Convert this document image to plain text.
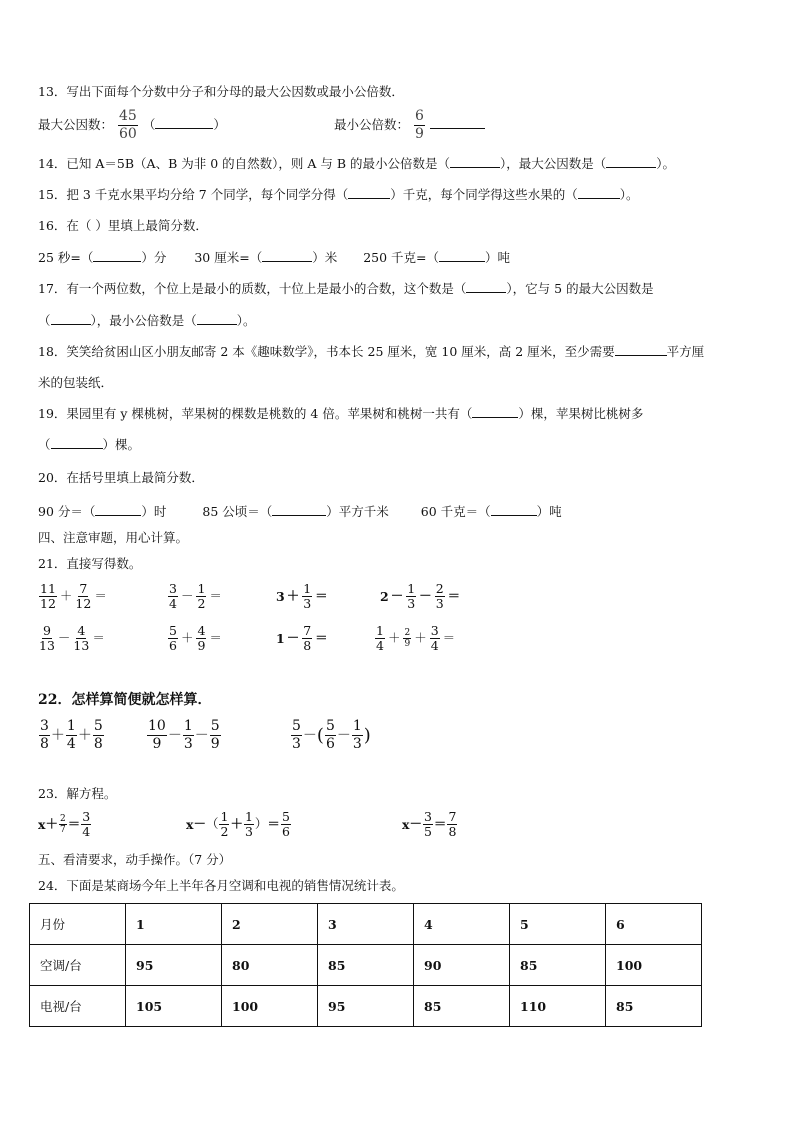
13．写出下面每个分数中分子和分母的最大公因数或最小公倍数．
最大公因数： $\frac{45}{60}$ （	）	最小公倍数： $\frac{6}{9}$

14．已知 A＝5B（A、B 为非 0 的自然数），则 A 与 B 的最小公倍数是（	），最大公因数是（	）。
15．把 3 千克水果平均分给 7 个同学，每个同学分得（	）千克，每个同学得这些水果的（	）。
16．在（ ）里填上最简分数．
25 秒=（	）分 30 厘米=（	）米 250 千克=（	）吨
17．有一个两位数，个位上是最小的质数，十位上是最小的合数，这个数是（	），它与 5 的最大公因数是
（	），最小公倍数是（	）。
18．笑笑给贫困山区小朋友邮寄 2 本《趣味数学》，书本长 25 厘米，宽 10 厘米，高 2 厘米，至少需要	平方厘
米的包装纸．
19．果园里有 y 棵桃树，苹果树的棵数是桃数的 4 倍。苹果树和桃树一共有（	）棵，苹果树比桃树多
（	）棵。
20．在括号里填上最简分数．
90 分＝（	）时	85 公顷＝（	）平方千米	60 千克＝（	）吨
四、注意审题，用心计算。
21．直接写得数。
$\frac{11}{12} + \frac{7}{12}$ ＝	$\frac{3}{4} - \frac{1}{2}$ ＝	$3 + \frac{1}{3}$ ＝	$2 - \frac{1}{3} - \frac{2}{3}$ ＝
$\frac{9}{13} - \frac{4}{13}$ ＝	$\frac{5}{6} + \frac{4}{9}$ ＝	$1 - \frac{7}{8}$ ＝	$\frac{1}{4} + \frac{2}{9} + \frac{3}{4}$ ＝
22．怎样算简便就怎样算．
$\frac{3}{8} + \frac{1}{4} + \frac{5}{8}$	$\frac{10}{9} - \frac{1}{3} - \frac{5}{9}$	$\frac{5}{3}$ －( $\frac{5}{6} - \frac{1}{3}$ )
23．解方程。
$x+ \frac{2}{7} = \frac{3}{4}$	$x-( \frac{1}{2} + \frac{1}{3}$ ）＝ $\frac{5}{6}$	$x- \frac{3}{5} = \frac{7}{8}$
五、看清要求，动手操作。（7 分）
24．下面是某商场今年上半年各月空调和电视的销售情况统计表。
月份	1	2	3	4	5	6
空调/台	95	80	85	90	85	100
电视/台	105	100	95	85	110	85
